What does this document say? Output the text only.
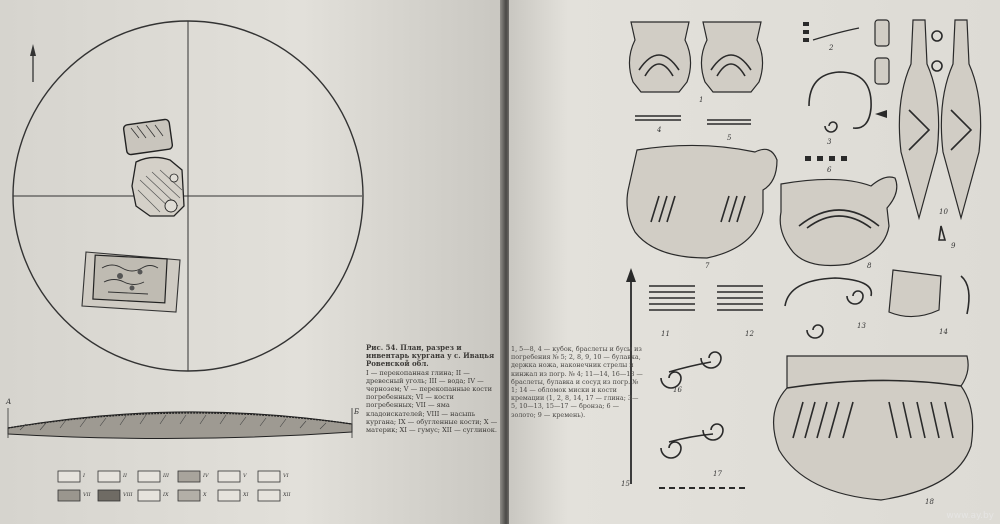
А
Б
I	II	III	IV	V	VI
VII	VIII	IX	X	XI	XII
Рис. 54. План, разрез и инвентарь кургана у с. Ивацья Ровенской обл.
I — перекопанная глина; II — древесный уголь; III — вода; IV — чернозем; V — перекопанные кости погребенных; VI — кости погребенных; VII — яма кладоискателей; VIII — насыпь кургана; IX — обугленные кости; X — материк; XI — гумус; XII — суглинок.
1
2
3
4
5
6
7	8
9
10
11	12
13
14
15
16
17
18
1, 5—8, 4 — кубок, браслеты и бусы из погребения № 5; 2, 8, 9, 10 — булавка, держка ножа, наконечник стрелы и кинжал из погр. № 4; 11—14, 16—18 — браслеты, булавка и сосуд из погр. № 1; 14 — обломок миски и кости кремации (1, 2, 8, 14, 17 — глина; 3—5, 10—13, 15—17 — бронза; 6 — золото; 9 — кремень).
www.ay.by
